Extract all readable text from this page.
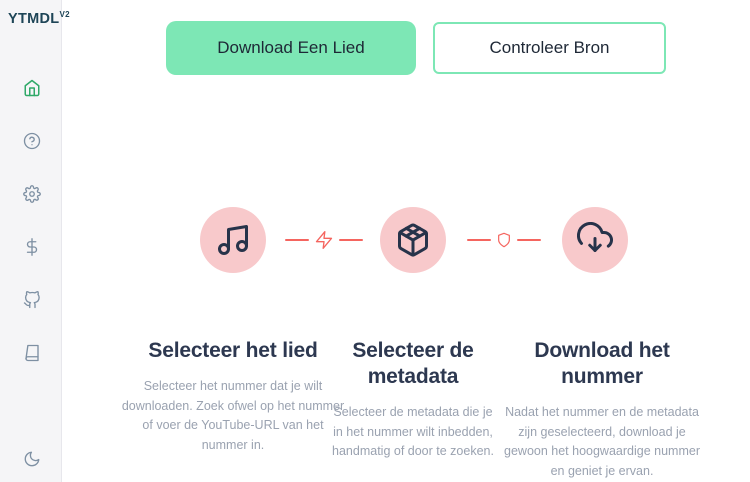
$YTMDL^{V2}$
Download Een Lied	Controleer Bron
Selecteer het lied

Selecteer het nummer dat je wilt downloaden. Zoek ofwel op het nummer of voer de YouTube-URL van het nummer in.

Selecteer de metadata

Selecteer de metadata die je in het nummer wilt inbedden, handmatig of door te zoeken.

Download het nummer

Nadat het nummer en de metadata zijn geselecteerd, download je gewoon het hoogwaardige nummer en geniet je ervan.
